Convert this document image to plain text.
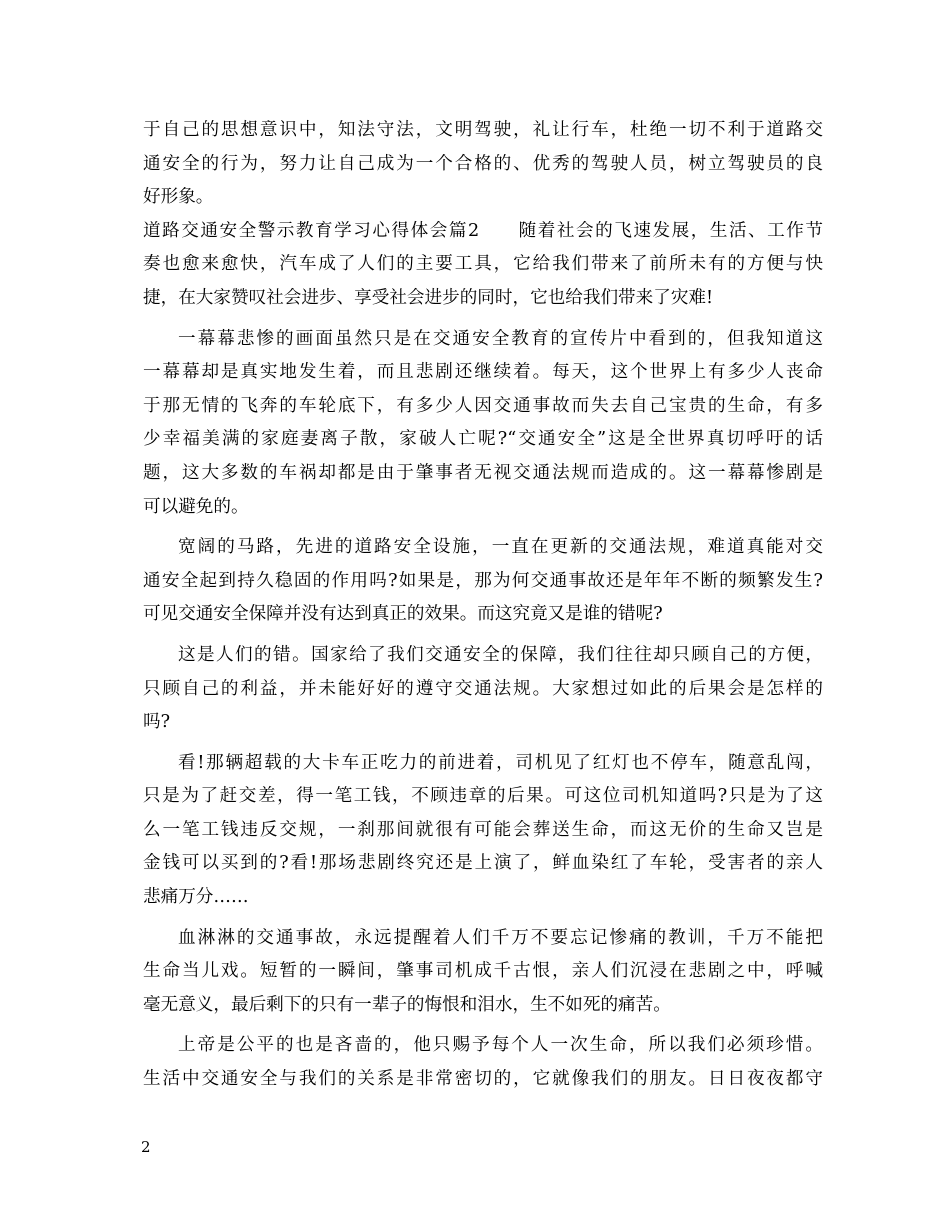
于自己的思想意识中，知法守法，文明驾驶，礼让行车，杜绝一切不利于道路交
通安全的行为，努力让自己成为一个合格的、优秀的驾驶人员，树立驾驶员的良
好形象。
道路交通安全警示教育学习心得体会篇2 随着社会的飞速发展，生活、工作节
奏也愈来愈快，汽车成了人们的主要工具，它给我们带来了前所未有的方便与快
捷，在大家赞叹社会进步、享受社会进步的同时，它也给我们带来了灾难!
一幕幕悲惨的画面虽然只是在交通安全教育的宣传片中看到的，但我知道这
一幕幕却是真实地发生着，而且悲剧还继续着。每天，这个世界上有多少人丧命
于那无情的飞奔的车轮底下，有多少人因交通事故而失去自己宝贵的生命，有多
少幸福美满的家庭妻离子散，家破人亡呢?“交通安全”这是全世界真切呼吁的话
题，这大多数的车祸却都是由于肇事者无视交通法规而造成的。这一幕幕惨剧是
可以避免的。
宽阔的马路，先进的道路安全设施，一直在更新的交通法规，难道真能对交
通安全起到持久稳固的作用吗?如果是，那为何交通事故还是年年不断的频繁发生?
可见交通安全保障并没有达到真正的效果。而这究竟又是谁的错呢?
这是人们的错。国家给了我们交通安全的保障，我们往往却只顾自己的方便，
只顾自己的利益，并未能好好的遵守交通法规。大家想过如此的后果会是怎样的
吗?
看!那辆超载的大卡车正吃力的前进着，司机见了红灯也不停车，随意乱闯，
只是为了赶交差，得一笔工钱，不顾违章的后果。可这位司机知道吗?只是为了这
么一笔工钱违反交规，一刹那间就很有可能会葬送生命，而这无价的生命又岂是
金钱可以买到的?看!那场悲剧终究还是上演了，鲜血染红了车轮，受害者的亲人
悲痛万分……
血淋淋的交通事故，永远提醒着人们千万不要忘记惨痛的教训，千万不能把
生命当儿戏。短暂的一瞬间，肇事司机成千古恨，亲人们沉浸在悲剧之中，呼喊
毫无意义，最后剩下的只有一辈子的悔恨和泪水，生不如死的痛苦。
上帝是公平的也是吝啬的，他只赐予每个人一次生命，所以我们必须珍惜。
生活中交通安全与我们的关系是非常密切的，它就像我们的朋友。日日夜夜都守
2
